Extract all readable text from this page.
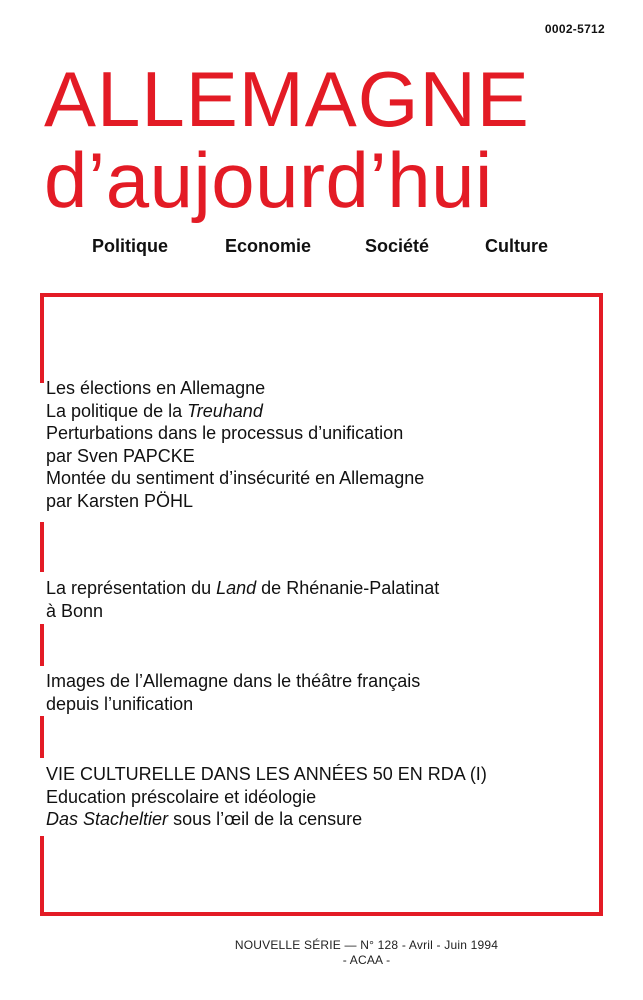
0002-5712
ALLEMAGNE
d’aujourd’hui
Politique	Economie	Société	Culture
Les élections en Allemagne
La politique de la Treuhand
Perturbations dans le processus d’unification
par Sven PAPCKE
Montée du sentiment d’insécurité en Allemagne
par Karsten PÖHL
La représentation du Land de Rhénanie-Palatinat
à Bonn
Images de l’Allemagne dans le théâtre français
depuis l’unification
VIE CULTURELLE DANS LES ANNÉES 50 EN RDA (I)
Education préscolaire et idéologie
Das Stacheltier sous l’œil de la censure
NOUVELLE SÉRIE — N° 128 - Avril - Juin 1994
- ACAA -
